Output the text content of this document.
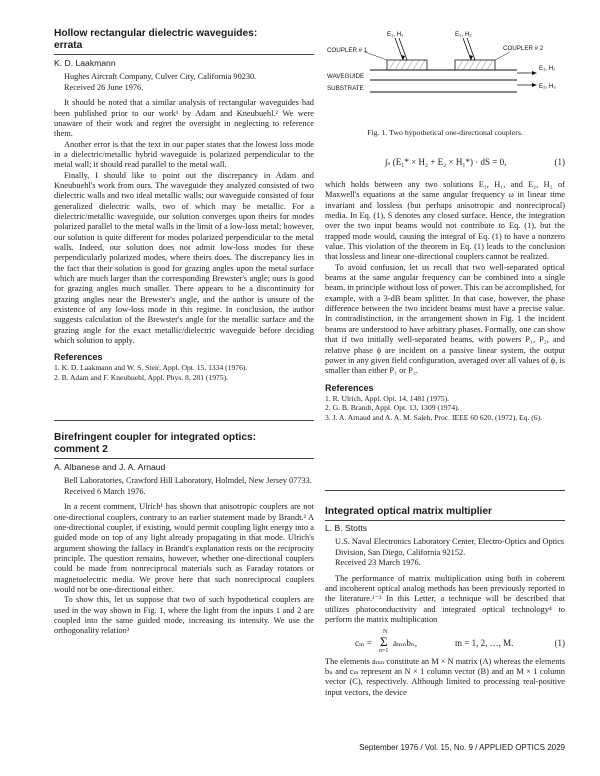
Hollow rectangular dielectric waveguides:

errata

K. D. Laakmann

Hughes Aircraft Company, Culver City, California 90230.

Received 26 June 1976.

It should be noted that a similar analysis of rectangular waveguides had been published prior to our work¹ by Adam and Kneubuehl.² We were unaware of their work and regret the oversight in neglecting to reference them.

Another error is that the text in our paper states that the lowest loss mode in a dielectric/metallic hybrid waveguide is polarized perpendicular to the metal wall; it should read parallel to the metal wall.

Finally, I should like to point out the discrepancy in Adam and Kneubuehl's work from ours. The waveguide they analyzed consisted of two dielectric walls and two ideal metallic walls; our waveguide consisted of four generalized dielectric walls, two of which may be metallic. For a dielectric/metallic waveguide, our solution converges upon theirs for modes polarized parallel to the metal walls in the limit of a low-loss metal; however, our solution is quite different for modes polarized perpendicular to the metal walls. Indeed, our solution does not admit low-loss modes for these perpendicularly polarized modes, where theirs does. The discrepancy lies in the fact that their solution is good for grazing angles upon the metal surface which are much larger than the corresponding Brewster's angle; ours is good for grazing angles much smaller. There appears to be a discontinuity for grazing angles near the Brewster's angle, and the author is unsure of the existence of any low-loss mode in this regime. In conclusion, the author suggests calculation of the Brewster's angle for the metallic surface and the grazing angle for the exact metallic/dielectric waveguide before deciding which solution to apply.

References

1. K. D. Laakmann and W. S. Steir, Appl. Opt. 15, 1334 (1976).

2. B. Adam and F. Kneubuehl, Appl. Phys. 8, 281 (1975).

Birefringent coupler for integrated optics:

comment 2

A. Albanese and J. A. Arnaud

Bell Laboratories, Crawford Hill Laboratory, Holmdel, New Jersey 07733.

Received 6 March 1976.

In a recent comment, Ulrich¹ has shown that anisotropic couplers are not one-directional couplers, contrary to an earlier statement made by Brandt.² A one-directional coupler, if existing, would permit coupling light energy into a guided mode on top of any light already propagating in that mode. Ulrich's argument showing the fallacy in Brandt's explanation rests on the reciprocity principle. The question remains, however, whether one-directional couplers could be made from nonreciprocal materials such as Faraday rotators or magnetoelectric media. We prove here that such nonreciprocal couplers would not be one-directional either.

To show this, let us suppose that two of such hypothetical couplers are used in the way shown in Fig. 1, where the light from the inputs 1 and 2 are coupled into the same guided mode, increasing its intensity. We use the orthogonality relation³

COUPLER # 1	COUPLER # 2
WAVEGUIDE
SUBSTRATE
E₁, H₁	E₂, H₂
E₁, H₁
E₂, H₂

Fig. 1. Two hypothetical one-directional couplers.

∫ₛ (E₁* × H₂ + E₂ × H₁*) · dS = 0,	(1)

which holds between any two solutions E₁, H₁, and E₂, H₂ of Maxwell's equations at the same angular frequency ω in linear time invariant and lossless (but perhaps anisotropic and nonreciprocal) media. In Eq. (1), S denotes any closed surface. Hence, the integration over the two input beams would not contribute to Eq. (1), but the trapped mode would, causing the integral of Eq. (1) to have a nonzero value. This violation of the theorem in Eq. (1) leads to the conclusion that lossless and linear one-directional couplers cannot be realized.

To avoid confusion, let us recall that two well-separated optical beams at the same angular frequency can be combined into a single beam, in principle without loss of power. This can be accomplished, for example, with a 3-dB beam splitter. In that case, however, the phase difference between the two incident beams must have a precise value. In contradistinction, in the arrangement shown in Fig. 1 the incident beams are understood to have arbitrary phases. Formally, one can show that if two initially well-separated beams, with powers P₁, P₂, and relative phase ϕ are incident on a passive linear system, the output power in any given field configuration, averaged over all values of ϕ, is smaller than either P₁ or P₂.

References

1. R. Ulrich, Appl. Opt. 14, 1481 (1975).

2. G. B. Brandt, Appl. Opt. 13, 1309 (1974).

3. J. A. Arnaud and A. A. M. Saleh, Proc. IEEE 60 620, (1972), Eq. (6).

Integrated optical matrix multiplier

L. B. Stotts

U.S. Naval Electronics Laboratory Center, Electro-Optics and Optics Division, San Diego, California 92152.

Received 23 March 1976.

The performance of matrix multiplication using both in coherent and incoherent optical analog methods has been previously reported in the literature.¹⁻³ In this Letter, a technique will be described that utilizes photoconductivity and integrated optical technology⁴ to perform the matrix multiplication

cₘ =
N
Σ
n=1
aₘₙbₙ,	m = 1, 2, …, M.	(1)

The elements aₘₙ constitute an M × N matrix (A) whereas the elements bₙ and cₘ represent an N × 1 column vector (B) and an M × 1 column vector (C), respectively. Although limited to processing real-positive input vectors, the device

September 1976 / Vol. 15, No. 9 / APPLIED OPTICS 2029
